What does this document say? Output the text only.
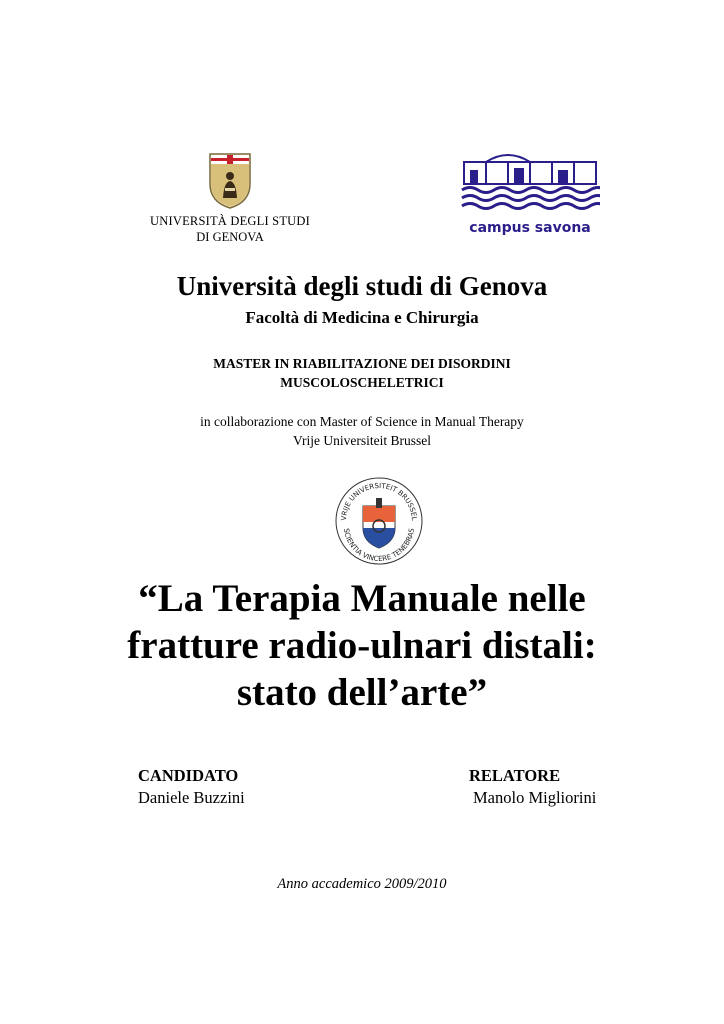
UNIVERSITÀ DEGLI STUDI
DI GENOVA
campus savona
Università degli studi di Genova
Facoltà di Medicina e Chirurgia
MASTER IN RIABILITAZIONE DEI DISORDINI
MUSCOLOSCHELETRICI
in collaborazione con Master of Science in Manual Therapy
Vrije Universiteit Brussel
VRIJE UNIVERSITEIT BRUSSEL
SCIENTIA VINCERE TENEBRAS
“La Terapia Manuale nelle
fratture radio-ulnari distali:
stato dell’arte”
CANDIDATO
Daniele Buzzini
RELATORE
Manolo Migliorini
Anno accademico 2009/2010
